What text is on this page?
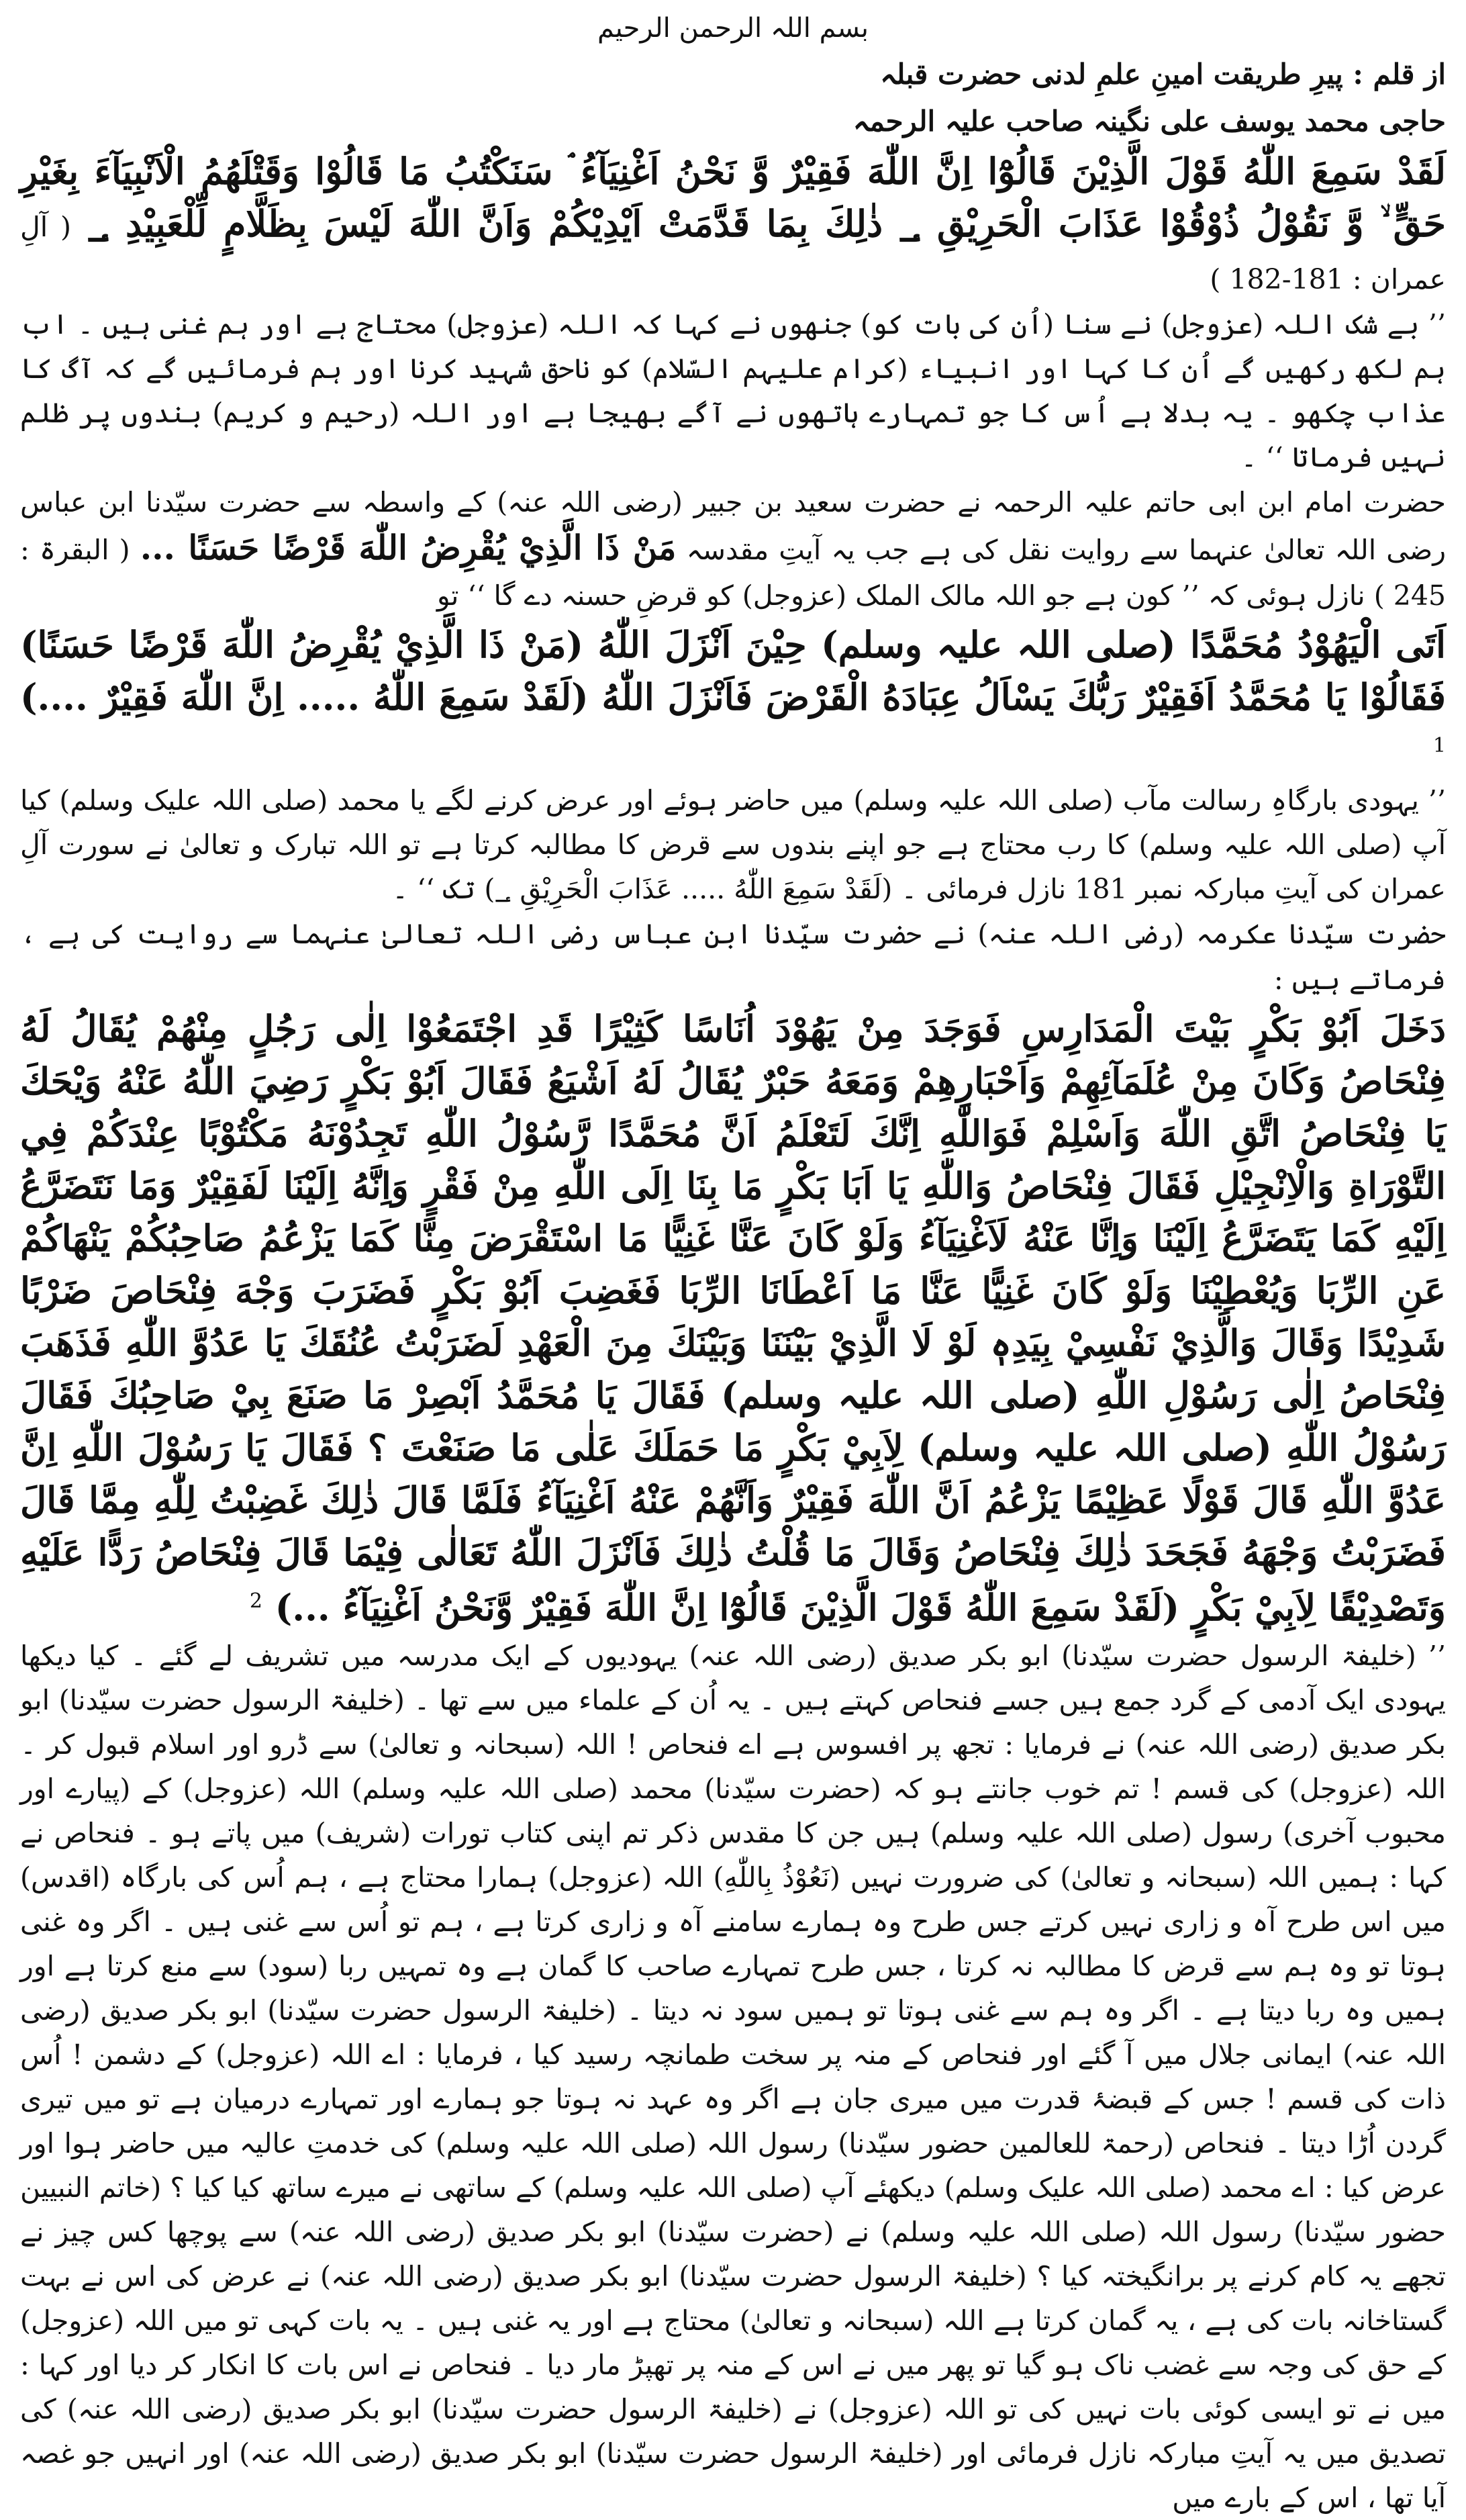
بسم اللہ الرحمن الرحیم
از قلم : پیرِ طریقت امینِ علمِ لدنی حضرت قبلہ
حاجی محمد یوسف علی نگینہ صاحب علیہ الرحمہ

لَقَدْ سَمِعَ اللّٰهُ قَوْلَ الَّذِيْنَ قَالُوْٓا اِنَّ اللّٰهَ فَقِيْرٌ وَّ نَحْنُ اَغْنِيَآءُ ۘ سَنَكْتُبُ مَا قَالُوْا وَقَتْلَهُمُ الْاَنْبِيَآءَ بِغَيْرِ حَقٍّ ۙ وَّ نَقُوْلُ ذُوْقُوْا عَذَابَ الْحَرِيْقِ ؀ ذٰلِكَ بِمَا قَدَّمَتْ اَيْدِيْكُمْ وَاَنَّ اللّٰهَ لَيْسَ بِظَلَّامٍ لِّلْعَبِيْدِ ؀ ( آلِ عمران : 181-182 )

’’ بے شک اللہ (عزوجل) نے سنا (اُن کی بات کو) جنھوں نے کہا کہ اللہ (عزوجل) محتاج ہے اور ہم غنی ہیں ۔ اب ہم لکھ رکھیں گے اُن کا کہا اور انبیاء (کرام علیہم السّلام) کو ناحق شہید کرنا اور ہم فرمائیں گے کہ آگ کا عذاب چکھو ۔ یہ بدلا ہے اُس کا جو تمہارے ہاتھوں نے آگے بھیجا ہے اور اللہ (رحیم و کریم) بندوں پر ظلم نہیں فرماتا ‘‘ ۔

حضرت امام ابن ابی حاتم علیہ الرحمہ نے حضرت سعید بن جبیر (رضی اللہ عنہ) کے واسطہ سے حضرت سیّدنا ابن عباس رضی اللہ تعالیٰ عنہما سے روایت نقل کی ہے جب یہ آیتِ مقدسہ مَنْ ذَا الَّذِيْ يُقْرِضُ اللّٰهَ قَرْضًا حَسَنًا ... ( البقرۃ : 245 ) نازل ہوئی کہ ’’ کون ہے جو اللہ مالک الملک (عزوجل) کو قرضِ حسنہ دے گا ‘‘ تو

اَتَى الْيَهُوْدُ مُحَمَّدًا (صلی اللہ علیہ وسلم) حِيْنَ اَنْزَلَ اللّٰهُ (مَنْ ذَا الَّذِيْ يُقْرِضُ اللّٰهَ قَرْضًا حَسَنًا) فَقَالُوْا يَا مُحَمَّدُ اَفَقِيْرٌ رَبُّكَ يَسْاَلُ عِبَادَهُ الْقَرْضَ فَاَنْزَلَ اللّٰهُ (لَقَدْ سَمِعَ اللّٰهُ ..... اِنَّ اللّٰهَ فَقِيْرٌ ....) $^1$

’’ یہودی بارگاہِ رسالت مآب (صلی اللہ علیہ وسلم) میں حاضر ہوئے اور عرض کرنے لگے یا محمد (صلی اللہ علیک وسلم) کیا آپ (صلی اللہ علیہ وسلم) کا رب محتاج ہے جو اپنے بندوں سے قرض کا مطالبہ کرتا ہے تو اللہ تبارک و تعالیٰ نے سورت آلِ عمران کی آیتِ مبارکہ نمبر 181 نازل فرمائی ۔ (لَقَدْ سَمِعَ اللّٰهُ ..... عَذَابَ الْحَرِيْقِ ؀) تک ‘‘ ۔

حضرت سیّدنا عکرمہ (رضی اللہ عنہ) نے حضرت سیّدنا ابن عباس رضی اللہ تعالیٰ عنہما سے روایت کی ہے ، فرماتے ہیں :

دَخَلَ اَبُوْ بَكْرٍ بَيْتَ الْمَدَارِسِ فَوَجَدَ مِنْ يَهُوْدَ اُنَاسًا كَثِيْرًا قَدِ اجْتَمَعُوْا اِلٰى رَجُلٍ مِنْهُمْ يُقَالُ لَهُ فِنْحَاصُ وَكَانَ مِنْ عُلَمَآئِهِمْ وَاَحْبَارِهِمْ وَمَعَهُ حَبْرٌ يُقَالُ لَهُ اَشْيَعُ فَقَالَ اَبُوْ بَكْرٍ رَضِيَ اللّٰهُ عَنْهُ وَيْحَكَ يَا فِنْحَاصُ اتَّقِ اللّٰهَ وَاَسْلِمْ فَوَاللّٰهِ اِنَّكَ لَتَعْلَمُ اَنَّ مُحَمَّدًا رَّسُوْلُ اللّٰهِ تَجِدُوْنَهُ مَكْتُوْبًا عِنْدَكُمْ فِي التَّوْرَاةِ وَالْاِنْجِيْلِ فَقَالَ فِنْحَاصُ وَاللّٰهِ يَا اَبَا بَكْرٍ مَا بِنَا اِلَى اللّٰهِ مِنْ فَقْرٍ وَاِنَّهُ اِلَيْنَا لَفَقِيْرٌ وَمَا نَتَضَرَّعُ اِلَيْهِ كَمَا يَتَضَرَّعُ اِلَيْنَا وَاِنَّا عَنْهُ لَاَغْنِيَآءُ وَلَوْ كَانَ عَنَّا غَنِيًّا مَا اسْتَقْرَضَ مِنَّا كَمَا يَزْعُمُ صَاحِبُكُمْ يَنْهَاكُمْ عَنِ الرِّبَا وَيُعْطِيْنَا وَلَوْ كَانَ غَنِيًّا عَنَّا مَا اَعْطَانَا الرِّبَا فَغَضِبَ اَبُوْ بَكْرٍ فَضَرَبَ وَجْهَ فِنْحَاصَ ضَرْبًا شَدِيْدًا وَقَالَ وَالَّذِيْ نَفْسِيْ بِيَدِهٖ لَوْ لَا الَّذِيْ بَيْنَنَا وَبَيْنَكَ مِنَ الْعَهْدِ لَضَرَبْتُ عُنُقَكَ يَا عَدُوَّ اللّٰهِ فَذَهَبَ فِنْحَاصُ اِلٰى رَسُوْلِ اللّٰهِ (صلی اللہ علیہ وسلم) فَقَالَ يَا مُحَمَّدُ اَبْصِرْ مَا صَنَعَ بِيْ صَاحِبُكَ فَقَالَ رَسُوْلُ اللّٰهِ (صلی اللہ علیہ وسلم) لِاَبِيْ بَكْرٍ مَا حَمَلَكَ عَلٰى مَا صَنَعْتَ ؟ فَقَالَ يَا رَسُوْلَ اللّٰهِ اِنَّ عَدُوَّ اللّٰهِ قَالَ قَوْلًا عَظِيْمًا يَزْعُمُ اَنَّ اللّٰهَ فَقِيْرٌ وَاَنَّهُمْ عَنْهُ اَغْنِيَآءُ فَلَمَّا قَالَ ذٰلِكَ غَضِبْتُ لِلّٰهِ مِمَّا قَالَ فَضَرَبْتُ وَجْهَهُ فَجَحَدَ ذٰلِكَ فِنْحَاصُ وَقَالَ مَا قُلْتُ ذٰلِكَ فَاَنْزَلَ اللّٰهُ تَعَالٰى فِيْمَا قَالَ فِنْحَاصُ رَدًّا عَلَيْهِ وَتَصْدِيْقًا لِاَبِيْ بَكْرٍ (لَقَدْ سَمِعَ اللّٰهُ قَوْلَ الَّذِيْنَ قَالُوْٓا اِنَّ اللّٰهَ فَقِيْرٌ وَّنَحْنُ اَغْنِيَآءُ ...) $^2$

’’ (خلیفۃ الرسول حضرت سیّدنا) ابو بکر صدیق (رضی اللہ عنہ) یہودیوں کے ایک مدرسہ میں تشریف لے گئے ۔ کیا دیکھا یہودی ایک آدمی کے گرد جمع ہیں جسے فنحاص کہتے ہیں ۔ یہ اُن کے علماء میں سے تھا ۔ (خلیفۃ الرسول حضرت سیّدنا) ابو بکر صدیق (رضی اللہ عنہ) نے فرمایا : تجھ پر افسوس ہے اے فنحاص ! اللہ (سبحانہ و تعالیٰ) سے ڈرو اور اسلام قبول کر ۔ اللہ (عزوجل) کی قسم ! تم خوب جانتے ہو کہ (حضرت سیّدنا) محمد (صلی اللہ علیہ وسلم) اللہ (عزوجل) کے (پیارے اور محبوب آخری) رسول (صلی اللہ علیہ وسلم) ہیں جن کا مقدس ذکر تم اپنی کتاب تورات (شریف) میں پاتے ہو ۔ فنحاص نے کہا : ہمیں اللہ (سبحانہ و تعالیٰ) کی ضرورت نہیں (نَعُوْذُ بِاللّٰهِ) اللہ (عزوجل) ہمارا محتاج ہے ، ہم اُس کی بارگاہ (اقدس) میں اس طرح آہ و زاری نہیں کرتے جس طرح وہ ہمارے سامنے آہ و زاری کرتا ہے ، ہم تو اُس سے غنی ہیں ۔ اگر وہ غنی ہوتا تو وہ ہم سے قرض کا مطالبہ نہ کرتا ، جس طرح تمہارے صاحب کا گمان ہے وہ تمہیں ربا (سود) سے منع کرتا ہے اور ہمیں وہ ربا دیتا ہے ۔ اگر وہ ہم سے غنی ہوتا تو ہمیں سود نہ دیتا ۔ (خلیفۃ الرسول حضرت سیّدنا) ابو بکر صدیق (رضی اللہ عنہ) ایمانی جلال میں آ گئے اور فنحاص کے منہ پر سخت طمانچہ رسید کیا ، فرمایا : اے اللہ (عزوجل) کے دشمن ! اُس ذات کی قسم ! جس کے قبضۂ قدرت میں میری جان ہے اگر وہ عہد نہ ہوتا جو ہمارے اور تمہارے درمیان ہے تو میں تیری گردن اُڑا دیتا ۔ فنحاص (رحمۃ للعالمین حضور سیّدنا) رسول اللہ (صلی اللہ علیہ وسلم) کی خدمتِ عالیہ میں حاضر ہوا اور عرض کیا : اے محمد (صلی اللہ علیک وسلم) دیکھئے آپ (صلی اللہ علیہ وسلم) کے ساتھی نے میرے ساتھ کیا کیا ؟ (خاتم النبیین حضور سیّدنا) رسول اللہ (صلی اللہ علیہ وسلم) نے (حضرت سیّدنا) ابو بکر صدیق (رضی اللہ عنہ) سے پوچھا کس چیز نے تجھے یہ کام کرنے پر برانگیختہ کیا ؟ (خلیفۃ الرسول حضرت سیّدنا) ابو بکر صدیق (رضی اللہ عنہ) نے عرض کی اس نے بہت گستاخانہ بات کی ہے ، یہ گمان کرتا ہے اللہ (سبحانہ و تعالیٰ) محتاج ہے اور یہ غنی ہیں ۔ یہ بات کہی تو میں اللہ (عزوجل) کے حق کی وجہ سے غضب ناک ہو گیا تو پھر میں نے اس کے منہ پر تھپڑ مار دیا ۔ فنحاص نے اس بات کا انکار کر دیا اور کہا : میں نے تو ایسی کوئی بات نہیں کی تو اللہ (عزوجل) نے (خلیفۃ الرسول حضرت سیّدنا) ابو بکر صدیق (رضی اللہ عنہ) کی تصدیق میں یہ آیتِ مبارکہ نازل فرمائی اور (خلیفۃ الرسول حضرت سیّدنا) ابو بکر صدیق (رضی اللہ عنہ) اور انہیں جو غصہ آیا تھا ، اس کے بارے میں
